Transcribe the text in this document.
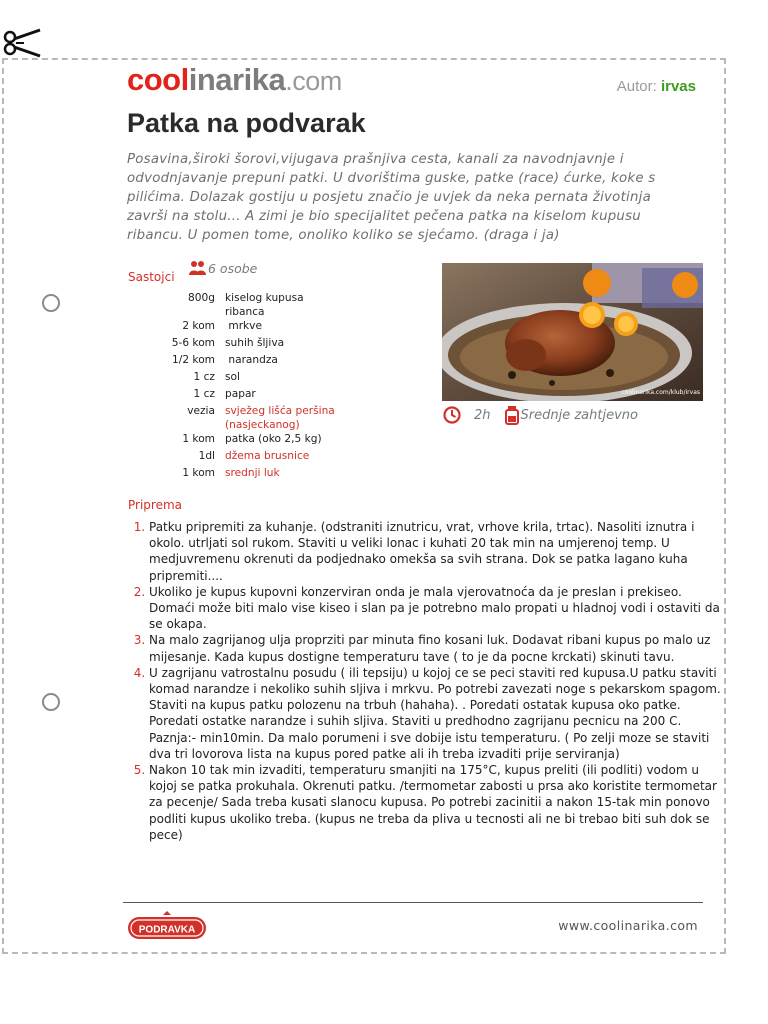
coolinarika.com	Autor: irvas
Patka na podvarak

Posavina,široki šorovi,vijugava prašnjiva cesta, kanali za navodnjavnje i odvodnjavanje prepuni patki. U dvorištima guske, patke (race) ćurke, koke s pilićima. Dolazak gostiju u posjetu značio je uvjek da neka pernata životinja završi na stolu... A zimi je bio specijalitet pečena patka na kiselom kupusu ribancu. U pomen tome, onoliko koliko se sjećamo. (draga i ja)

Sastojci
6 osobe
800g	kiselog kupusa ribanca
2 kom	mrkve
5-6 kom	suhih šljiva
1/2 kom	narandza
1 cz	sol
1 cz	papar
vezia	svježeg lišća peršina (nasjeckanog)
1 kom	patka (oko 2,5 kg)
1dl	džema brusnice
1 kom	srednji luk
coolinarika.com/klub/irvas
2h Srednje zahtjevno
Priprema
1. Patku pripremiti za kuhanje. (odstraniti iznutricu, vrat, vrhove krila, trtac). Nasoliti iznutra i okolo. utrljati sol rukom. Staviti u veliki lonac i kuhati 20 tak min na umjerenoj temp. U medjuvremenu okrenuti da podjednako omekša sa svih strana. Dok se patka lagano kuha pripremiti....
2. Ukoliko je kupus kupovni konzerviran onda je mala vjerovatnoća da je preslan i prekiseo. Domaći može biti malo vise kiseo i slan pa je potrebno malo propati u hladnoj vodi i ostaviti da se okapa.
3. Na malo zagrijanog ulja proprziti par minuta fino kosani luk. Dodavat ribani kupus po malo uz mijesanje. Kada kupus dostigne temperaturu tave ( to je da pocne krckati) skinuti tavu.
4. U zagrijanu vatrostalnu posudu ( ili tepsiju) u kojoj ce se peci staviti red kupusa.U patku staviti komad narandze i nekoliko suhih sljiva i mrkvu. Po potrebi zavezati noge s pekarskom spagom. Staviti na kupus patku polozenu na trbuh (hahaha). . Poredati ostatak kupusa oko patke. Poredati ostatke narandze i suhih sljiva. Staviti u predhodno zagrijanu pecnicu na 200 C. Paznja:- min10min. Da malo porumeni i sve dobije istu temperaturu. ( Po zelji moze se staviti dva tri lovorova lista na kupus pored patke ali ih treba izvaditi prije serviranja)
5. Nakon 10 tak min izvaditi, temperaturu smanjiti na 175°C, kupus preliti (ili podliti) vodom u kojoj se patka prokuhala. Okrenuti patku. /termometar zabosti u prsa ako koristite termometar za pecenje/ Sada treba kusati slanocu kupusa. Po potrebi zacinitii a nakon 15-tak min ponovo podliti kupus ukoliko treba. (kupus ne treba da pliva u tecnosti ali ne bi trebao biti suh dok se pece)
PODRAVKA	www.coolinarika.com
